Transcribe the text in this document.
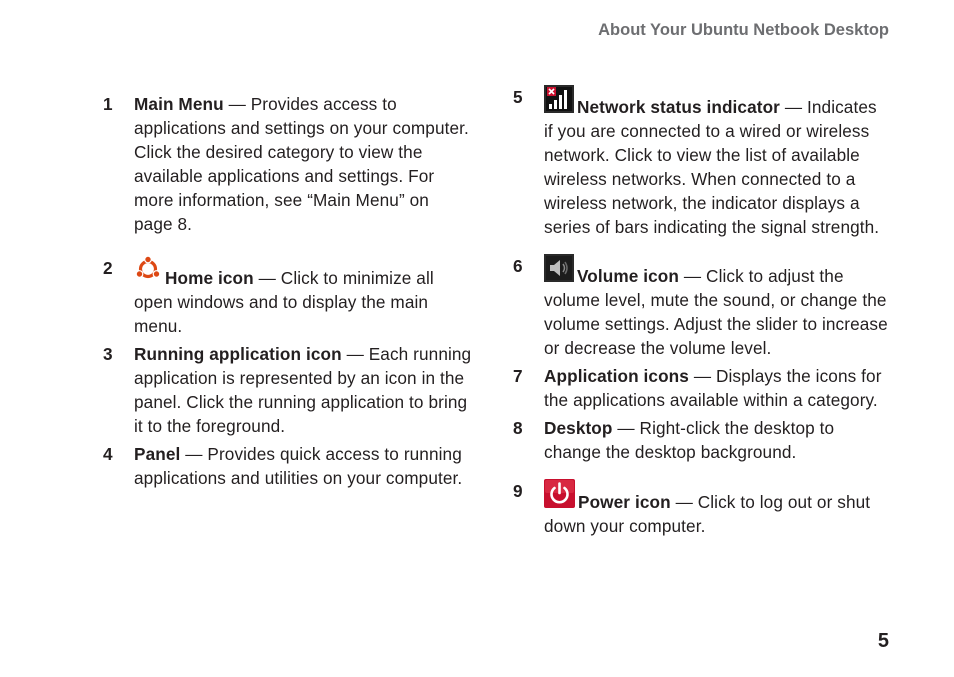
About Your Ubuntu Netbook Desktop
1	Main Menu — Provides access to applications and settings on your computer. Click the desired category to view the available applications and settings. For more information, see “Main Menu” on page 8.
2	Home icon — Click to minimize all open windows and to display the main menu.
3	Running application icon — Each running application is represented by an icon in the panel. Click the running application to bring it to the foreground.
4	Panel — Provides quick access to running applications and utilities on your computer.
5	Network status indicator — Indicates if you are connected to a wired or wireless network. Click to view the list of available wireless networks. When connected to a wireless network, the indicator displays a series of bars indicating the signal strength.
6	Volume icon — Click to adjust the volume level, mute the sound, or change the volume settings. Adjust the slider to increase or decrease the volume level.
7	Application icons — Displays the icons for the applications available within a category.
8	Desktop — Right-click the desktop to change the desktop background.
9
Power icon — Click to log out or shut down your computer.
5
